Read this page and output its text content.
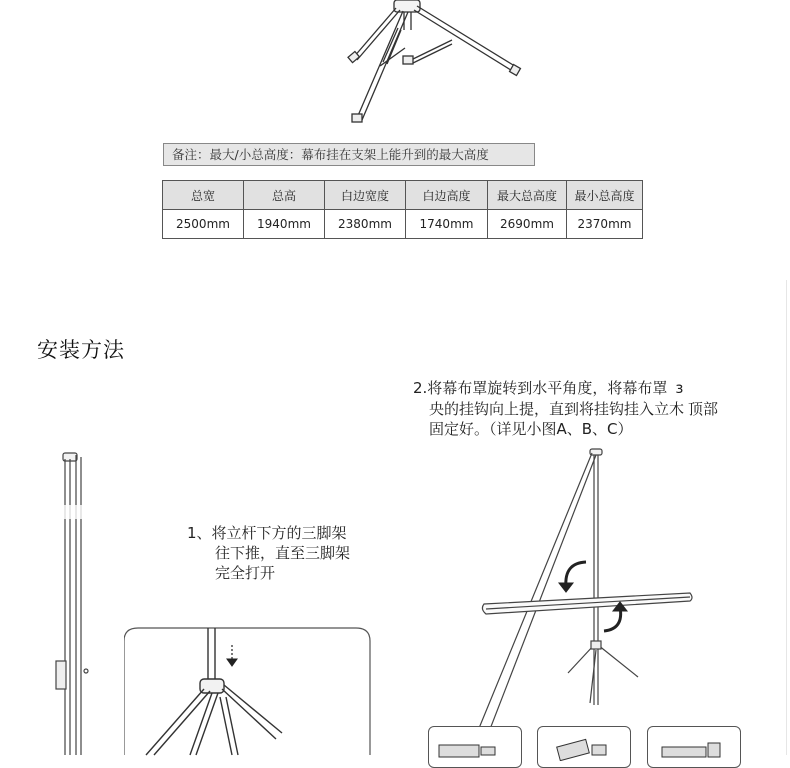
备注：最大/小总高度：幕布挂在支架上能升到的最大高度
总宽	总高	白边宽度	白边高度	最大总高度	最小总高度
2500mm	1940mm	2380mm	1740mm	2690mm	2370mm
安装方法
1、将立杆下方的三脚架
往下推，直至三脚架
完全打开
2.将幕布罩旋转到水平角度，将幕布罩 ɜ
央的挂钩向上提，直到将挂钩挂入立木 顶部
固定好。（详见小图A、B、C）
